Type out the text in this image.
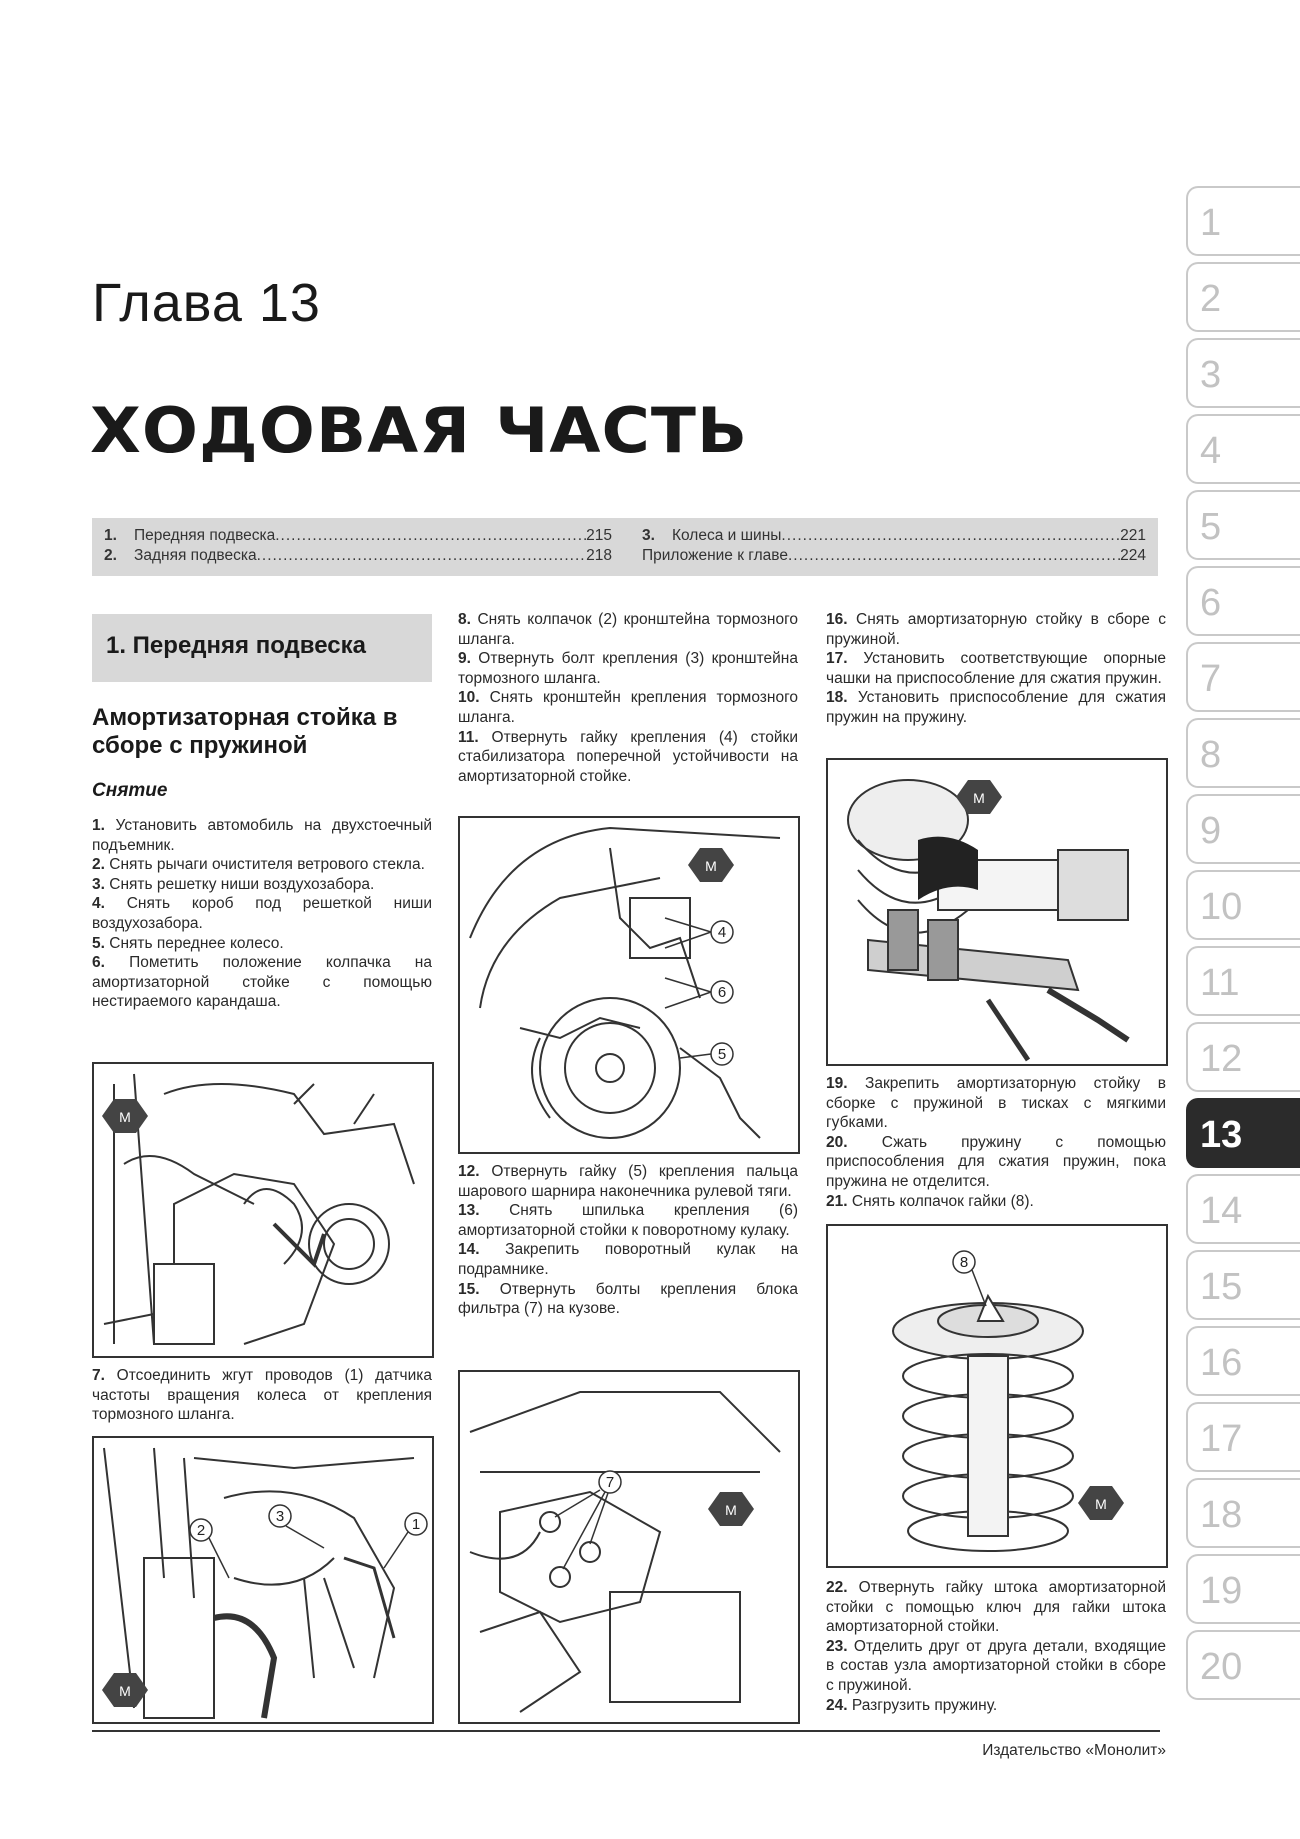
Глава 13
ХОДОВАЯ ЧАСТЬ
1.	Передняя подвеска .....	215
2.	Задняя подвеска .....	218
3.	Колеса и шины .....	221
Приложение к главе .....	224
1. Передняя подвеска
Амортизаторная стойка в сборе с пружиной
Снятие

1. Установить автомобиль на двухстоечный подъемник.

2. Снять рычаги очистителя ветрового стекла.

3. Снять решетку ниши воздухозабора.

4. Снять короб под решеткой ниши воздухозабора.

5. Снять переднее колесо.

6. Пометить положение колпачка на амортизаторной стойке с помощью нестираемого карандаша.

M

7. Отсоединить жгут проводов (1) датчика частоты вращения колеса от крепления тормозного шланга.

2
3	1
M

8. Снять колпачок (2) кронштейна тормозного шланга.

9. Отвернуть болт крепления (3) кронштейна тормозного шланга.

10. Снять кронштейн крепления тормозного шланга.

11. Отвернуть гайку крепления (4) стойки стабилизатора поперечной устойчивости на амортизаторной стойке.

4
6
5
M

12. Отвернуть гайку (5) крепления пальца шарового шарнира наконечника рулевой тяги.

13. Снять шпилька крепления (6) амортизаторной стойки к поворотному кулаку.

14. Закрепить поворотный кулак на подрамнике.

15. Отвернуть болты крепления блока фильтра (7) на кузове.

7
M

16. Снять амортизаторную стойку в сборе с пружиной.

17. Установить соответствующие опорные чашки на приспособление для сжатия пружин.

18. Установить приспособление для сжатия пружин на пружину.

M

19. Закрепить амортизаторную стойку в сборке с пружиной в тисках с мягкими губками.

20. Сжать пружину с помощью приспособления для сжатия пружин, пока пружина не отделится.

21. Снять колпачок гайки (8).

8
M

22. Отвернуть гайку штока амортизаторной стойки с помощью ключ для гайки штока амортизаторной стойки.

23. Отделить друг от друга детали, входящие в состав узла амортизаторной стойки в сборе с пружиной.

24. Разгрузить пружину.

1
2
3
4
5
6
7
8
9
10
11
12
13
14
15
16
17
18
19
20
Издательство «Монолит»
